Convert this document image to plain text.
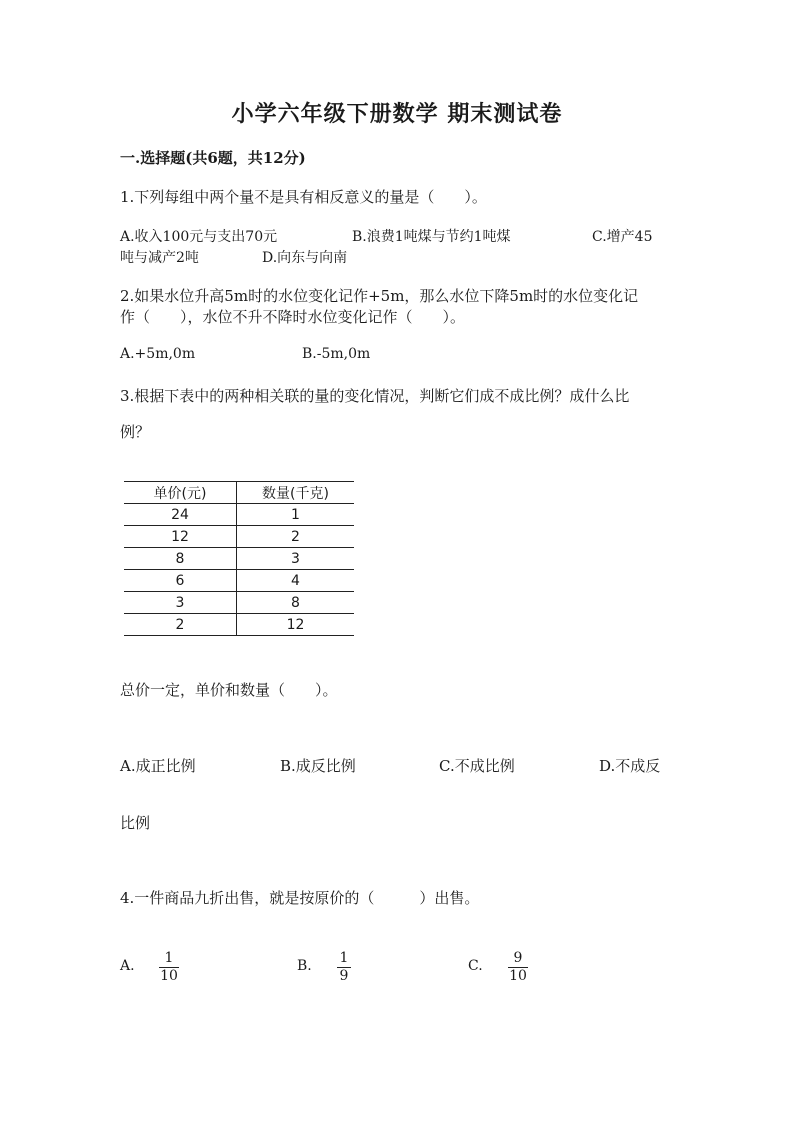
小学六年级下册数学 期末测试卷
一.选择题(共6题，共12分)
1.下列每组中两个量不是具有相反意义的量是（　　）。
A.收入100元与支出70元	B.浪费1吨煤与节约1吨煤	C.增产45
吨与减产2吨	D.向东与向南
2.如果水位升高5m时的水位变化记作+5m，那么水位下降5m时的水位变化记
作（　　），水位不升不降时水位变化记作（　　）。
A.+5m,0m	B.-5m,0m
3.根据下表中的两种相关联的量的变化情况，判断它们成不成比例？成什么比
例？
单价(元)	数量(千克)
24	1
12	2
8	3
6	4
3	8
2	12
总价一定，单价和数量（　　）。
A.成正比例	B.成反比例	C.不成比例	D.不成反
比例
4.一件商品九折出售，就是按原价的（　　　）出售。
A. 1
10
B. 1
9
C. 9
10
